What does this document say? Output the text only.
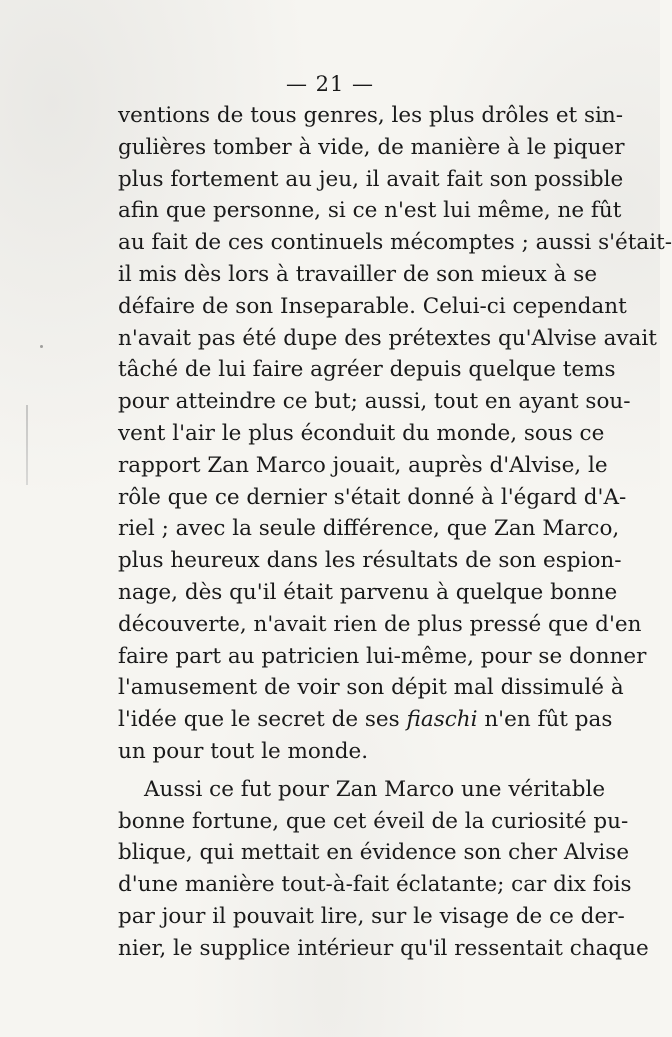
— 21 —
ventions de tous genres, les plus drôles et sin-
gulières tomber à vide, de manière à le piquer
plus fortement au jeu, il avait fait son possible
afin que personne, si ce n'est lui même, ne fût
au fait de ces continuels mécomptes ; aussi s'était-
il mis dès lors à travailler de son mieux à se
défaire de son Inseparable. Celui-ci cependant
n'avait pas été dupe des prétextes qu'Alvise avait
tâché de lui faire agréer depuis quelque tems
pour atteindre ce but; aussi, tout en ayant sou-
vent l'air le plus éconduit du monde, sous ce
rapport Zan Marco jouait, auprès d'Alvise, le
rôle que ce dernier s'était donné à l'égard d'A-
riel ; avec la seule différence, que Zan Marco,
plus heureux dans les résultats de son espion-
nage, dès qu'il était parvenu à quelque bonne
découverte, n'avait rien de plus pressé que d'en
faire part au patricien lui-même, pour se donner
l'amusement de voir son dépit mal dissimulé à
l'idée que le secret de ses fiaschi n'en fût pas
un pour tout le monde.
Aussi ce fut pour Zan Marco une véritable
bonne fortune, que cet éveil de la curiosité pu-
blique, qui mettait en évidence son cher Alvise
d'une manière tout-à-fait éclatante; car dix fois
par jour il pouvait lire, sur le visage de ce der-
nier, le supplice intérieur qu'il ressentait chaque
